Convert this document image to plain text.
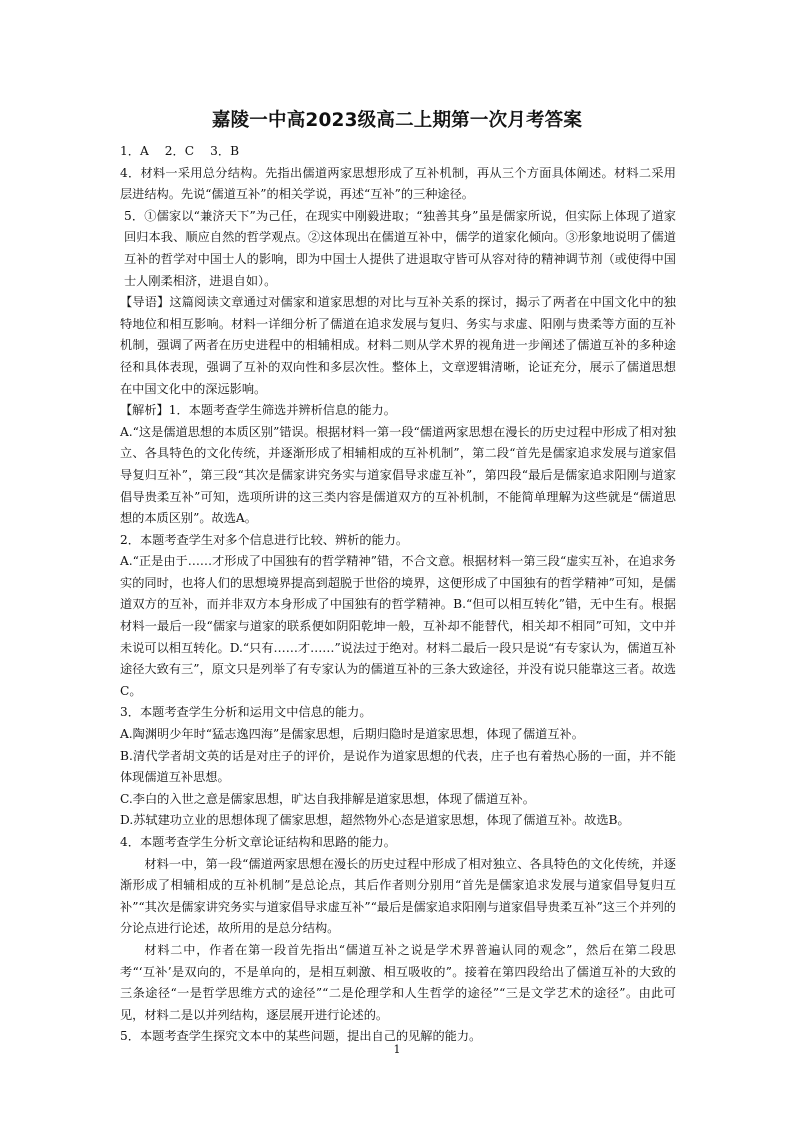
嘉陵一中高2023级高二上期第一次月考答案

1．A　 2．C　 3．B

4．材料一采用总分结构。先指出儒道两家思想形成了互补机制，再从三个方面具体阐述。材料二采用层进结构。先说“儒道互补”的相关学说，再述“互补”的三种途径。

5．①儒家以“兼济天下”为己任，在现实中刚毅进取；“独善其身”虽是儒家所说，但实际上体现了道家回归本我、顺应自然的哲学观点。②这体现出在儒道互补中，儒学的道家化倾向。③形象地说明了儒道互补的哲学对中国士人的影响，即为中国士人提供了进退取守皆可从容对待的精神调节剂（或使得中国士人刚柔相济，进退自如）。

【导语】这篇阅读文章通过对儒家和道家思想的对比与互补关系的探讨，揭示了两者在中国文化中的独特地位和相互影响。材料一详细分析了儒道在追求发展与复归、务实与求虚、阳刚与贵柔等方面的互补机制，强调了两者在历史进程中的相辅相成。材料二则从学术界的视角进一步阐述了儒道互补的多种途径和具体表现，强调了互补的双向性和多层次性。整体上，文章逻辑清晰，论证充分，展示了儒道思想在中国文化中的深远影响。

【解析】1．本题考查学生筛选并辨析信息的能力。

A.“这是儒道思想的本质区别”错误。根据材料一第一段“儒道两家思想在漫长的历史过程中形成了相对独立、各具特色的文化传统，并逐渐形成了相辅相成的互补机制”，第二段“首先是儒家追求发展与道家倡导复归互补”，第三段“其次是儒家讲究务实与道家倡导求虚互补”，第四段“最后是儒家追求阳刚与道家倡导贵柔互补”可知，选项所讲的这三类内容是儒道双方的互补机制，不能简单理解为这些就是“儒道思想的本质区别”。故选A。

2．本题考查学生对多个信息进行比较、辨析的能力。

A.“正是由于……才形成了中国独有的哲学精神”错，不合文意。根据材料一第三段“虚实互补，在追求务实的同时，也将人们的思想境界提高到超脱于世俗的境界，这便形成了中国独有的哲学精神”可知，是儒道双方的互补，而并非双方本身形成了中国独有的哲学精神。B.“但可以相互转化”错，无中生有。根据材料一最后一段“儒家与道家的联系便如阴阳乾坤一般，互补却不能替代，相关却不相同”可知，文中并未说可以相互转化。D.“只有……才……”说法过于绝对。材料二最后一段只是说“有专家认为，儒道互补途径大致有三”，原文只是列举了有专家认为的儒道互补的三条大致途径，并没有说只能靠这三者。故选C。

3．本题考查学生分析和运用文中信息的能力。

A.陶渊明少年时“猛志逸四海”是儒家思想，后期归隐时是道家思想，体现了儒道互补。

B.清代学者胡文英的话是对庄子的评价，是说作为道家思想的代表，庄子也有着热心肠的一面，并不能体现儒道互补思想。

C.李白的入世之意是儒家思想，旷达自我排解是道家思想，体现了儒道互补。

D.苏轼建功立业的思想体现了儒家思想，超然物外心态是道家思想，体现了儒道互补。故选B。

4．本题考查学生分析文章论证结构和思路的能力。

材料一中，第一段“儒道两家思想在漫长的历史过程中形成了相对独立、各具特色的文化传统，并逐渐形成了相辅相成的互补机制”是总论点，其后作者则分别用“首先是儒家追求发展与道家倡导复归互补”“其次是儒家讲究务实与道家倡导求虚互补”“最后是儒家追求阳刚与道家倡导贵柔互补”这三个并列的分论点进行论述，故所用的是总分结构。

材料二中，作者在第一段首先指出“儒道互补之说是学术界普遍认同的观念”，然后在第二段思考“‘互补’是双向的，不是单向的，是相互刺激、相互吸收的”。接着在第四段给出了儒道互补的大致的三条途径“一是哲学思维方式的途径”“二是伦理学和人生哲学的途径”“三是文学艺术的途径”。由此可见，材料二是以并列结构，逐层展开进行论述的。

5．本题考查学生探究文本中的某些问题，提出自己的见解的能力。

1
